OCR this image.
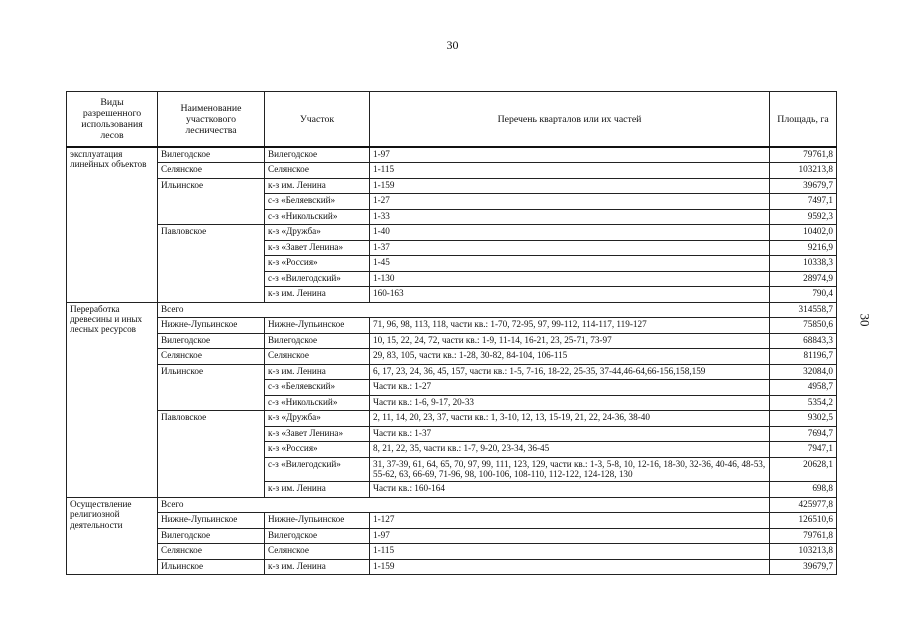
30
30
Виды разрешенного использования лесов	Наименование участкового лесничества	Участок	Перечень кварталов или их частей	Площадь, га
эксплуатация линейных объектов	Вилегодское	Вилегодское	1-97	79761,8
	Селянское	Селянское	1-115	103213,8
	Ильинское	к-з им. Ленина	1-159	39679,7
		с-з «Беляевский»	1-27	7497,1
		с-з «Никольский»	1-33	9592,3
	Павловское	к-з «Дружба»	1-40	10402,0
		к-з «Завет Ленина»	1-37	9216,9
		к-з «Россия»	1-45	10338,3
		с-з «Вилегодский»	1-130	28974,9
		к-з им. Ленина	160-163	790,4
Переработка древесины и иных лесных ресурсов	Всего			314558,7
	Нижне-Лупьинское	Нижне-Лупьинское	71, 96, 98, 113, 118, части кв.: 1-70, 72-95, 97, 99-112, 114-117, 119-127	75850,6
	Вилегодское	Вилегодское	10, 15, 22, 24, 72, части кв.: 1-9, 11-14, 16-21, 23, 25-71, 73-97	68843,3
	Селянское	Селянское	29, 83, 105, части кв.: 1-28, 30-82, 84-104, 106-115	81196,7
	Ильинское	к-з им. Ленина	6, 17, 23, 24, 36, 45, 157, части кв.: 1-5, 7-16, 18-22, 25-35, 37-44,46-64,66-156,158,159	32084,0
		с-з «Беляевский»	Части кв.: 1-27	4958,7
		с-з «Никольский»	Части кв.: 1-6, 9-17, 20-33	5354,2
	Павловское	к-з «Дружба»	2, 11, 14, 20, 23, 37, части кв.: 1, 3-10, 12, 13, 15-19, 21, 22, 24-36, 38-40	9302,5
		к-з «Завет Ленина»	Части кв.: 1-37	7694,7
		к-з «Россия»	8, 21, 22, 35, части кв.: 1-7, 9-20, 23-34, 36-45	7947,1
		с-з «Вилегодский»	31, 37-39, 61, 64, 65, 70, 97, 99, 111, 123, 129, части кв.: 1-3, 5-8, 10, 12-16, 18-30, 32-36, 40-46, 48-53, 55-62, 63, 66-69, 71-96, 98, 100-106, 108-110, 112-122, 124-128, 130	20628,1
		к-з им. Ленина	Части кв.: 160-164	698,8
Осуществление религиозной деятельности	Всего			425977,8
	Нижне-Лупьинское	Нижне-Лупьинское	1-127	126510,6
	Вилегодское	Вилегодское	1-97	79761,8
	Селянское	Селянское	1-115	103213,8
	Ильинское	к-з им. Ленина	1-159	39679,7
